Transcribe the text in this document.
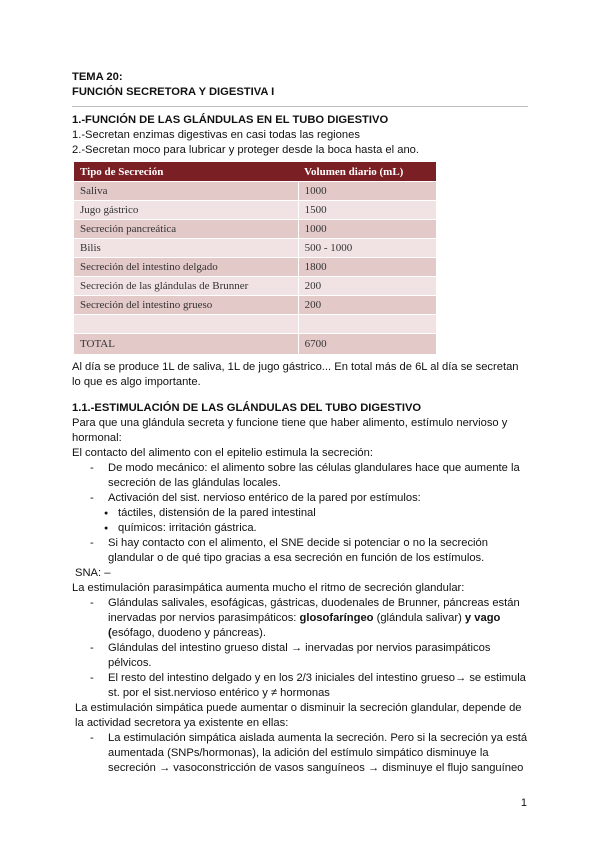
TEMA 20:
FUNCIÓN SECRETORA Y DIGESTIVA I
1.-FUNCIÓN DE LAS GLÁNDULAS EN EL TUBO DIGESTIVO
1.-Secretan enzimas digestivas en casi todas las regiones
2.-Secretan moco para lubricar y proteger desde la boca hasta el ano.
Tipo de Secreción	Volumen diario (mL)
Saliva	1000
Jugo gástrico	1500
Secreción pancreática	1000
Bilis	500 - 1000
Secreción del intestino delgado	1800
Secreción de las glándulas de Brunner	200
Secreción del intestino grueso	200

TOTAL	6700
Al día se produce 1L de saliva, 1L de jugo gástrico... En total más de 6L al día se secretan lo que es algo importante.
1.1.-ESTIMULACIÓN DE LAS GLÁNDULAS DEL TUBO DIGESTIVO
Para que una glándula secreta y funcione tiene que haber alimento, estímulo nervioso y hormonal:
El contacto del alimento con el epitelio estimula la secreción:
- De modo mecánico: el alimento sobre las células glandulares hace que aumente la secreción de las glándulas locales.
- Activación del sist. nervioso entérico de la pared por estímulos:
● táctiles, distensión de la pared intestinal
● químicos: irritación gástrica.
- Si hay contacto con el alimento, el SNE decide si potenciar o no la secreción glandular o de qué tipo gracias a esa secreción en función de los estímulos.
SNA: –
La estimulación parasimpática aumenta mucho el ritmo de secreción glandular:
- Glándulas salivales, esofágicas, gástricas, duodenales de Brunner, páncreas están inervadas por nervios parasimpáticos: glosofaríngeo (glándula salivar) y vago (esófago, duodeno y páncreas).
- Glándulas del intestino grueso distal → inervadas por nervios parasimpáticos pélvicos.
- El resto del intestino delgado y en los 2/3 iniciales del intestino grueso→ se estimula st. por el sist.nervioso entérico y ≠ hormonas
La estimulación simpática puede aumentar o disminuir la secreción glandular, depende de la actividad secretora ya existente en ellas:
- La estimulación simpática aislada aumenta la secreción. Pero si la secreción ya está aumentada (SNPs/hormonas), la adición del estímulo simpático disminuye la secreción → vasoconstricción de vasos sanguíneos → disminuye el flujo sanguíneo
1
